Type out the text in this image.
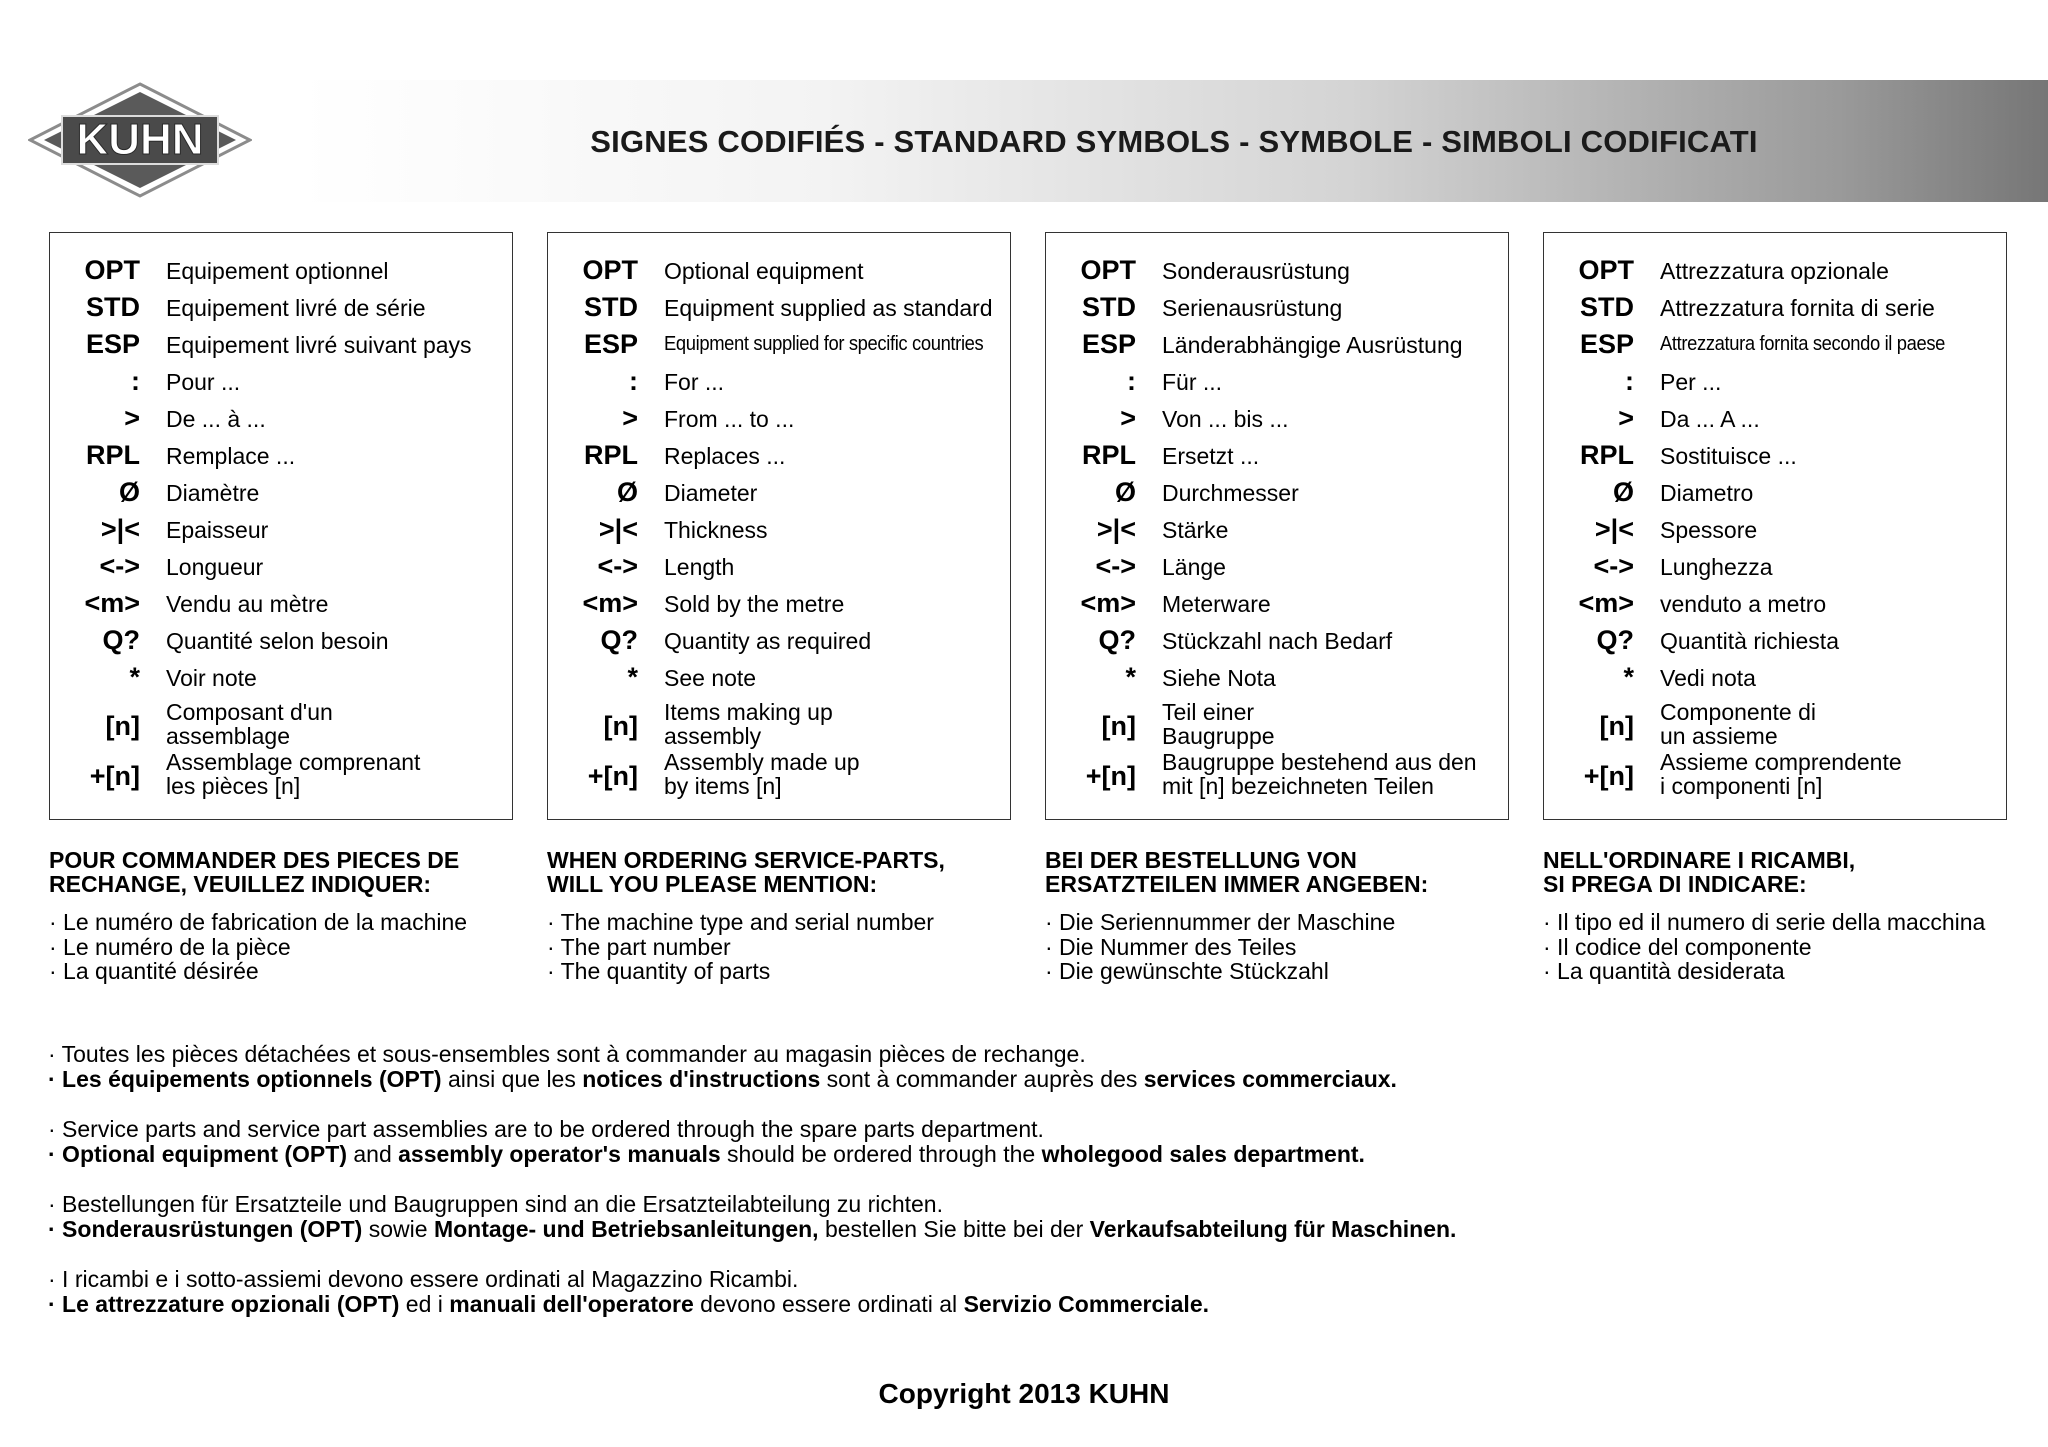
KUHN	SIGNES CODIFIÉS - STANDARD SYMBOLS - SYMBOLE - SIMBOLI CODIFICATI
OPT Equipement optionnel
STD Equipement livré de série
ESP Equipement livré suivant pays
: Pour ...
> De ... à ...
RPL Remplace ...
Ø Diamètre
>|< Epaisseur
<-> Longueur
<m> Vendu au mètre
Q? Quantité selon besoin
* Voir note
[n] Composant d'un
assemblage
+[n] Assemblage comprenant
les pièces [n]
OPT Optional equipment
STD Equipment supplied as standard
ESP Equipment supplied for specific countries
: For ...
> From ... to ...
RPL Replaces ...
Ø Diameter
>|< Thickness
<-> Length
<m> Sold by the metre
Q? Quantity as required
* See note
[n] Items making up
assembly
+[n] Assembly made up
by items [n]
OPT Sonderausrüstung
STD Serienausrüstung
ESP Länderabhängige Ausrüstung
: Für ...
> Von ... bis ...
RPL Ersetzt ...
Ø Durchmesser
>|< Stärke
<-> Länge
<m> Meterware
Q? Stückzahl nach Bedarf
* Siehe Nota
[n] Teil einer
Baugruppe
+[n] Baugruppe bestehend aus den
mit [n] bezeichneten Teilen
OPT Attrezzatura opzionale
STD Attrezzatura fornita di serie
ESP Attrezzatura fornita secondo il paese
: Per ...
> Da ... A ...
RPL Sostituisce ...
Ø Diametro
>|< Spessore
<-> Lunghezza
<m> venduto a metro
Q? Quantità richiesta
* Vedi nota
[n] Componente di
un assieme
+[n] Assieme comprendente
i componenti [n]
POUR COMMANDER DES PIECES DE
RECHANGE, VEUILLEZ INDIQUER:
· Le numéro de fabrication de la machine
· Le numéro de la pièce
· La quantité désirée
WHEN ORDERING SERVICE-PARTS,
WILL YOU PLEASE MENTION:
· The machine type and serial number
· The part number
· The quantity of parts
BEI DER BESTELLUNG VON
ERSATZTEILEN IMMER ANGEBEN:
· Die Seriennummer der Maschine
· Die Nummer des Teiles
· Die gewünschte Stückzahl
NELL'ORDINARE I RICAMBI,
SI PREGA DI INDICARE:
· Il tipo ed il numero di serie della macchina
· Il codice del componente
· La quantità desiderata
· Toutes les pièces détachées et sous-ensembles sont à commander au magasin pièces de rechange.
· Les équipements optionnels (OPT) ainsi que les notices d'instructions sont à commander auprès des services commerciaux.
· Service parts and service part assemblies are to be ordered through the spare parts department.
· Optional equipment (OPT) and assembly operator's manuals should be ordered through the wholegood sales department.
· Bestellungen für Ersatzteile und Baugruppen sind an die Ersatzteilabteilung zu richten.
· Sonderausrüstungen (OPT) sowie Montage- und Betriebsanleitungen, bestellen Sie bitte bei der Verkaufsabteilung für Maschinen.
· I ricambi e i sotto-assiemi devono essere ordinati al Magazzino Ricambi.
· Le attrezzature opzionali (OPT) ed i manuali dell'operatore devono essere ordinati al Servizio Commerciale.
Copyright 2013 KUHN
